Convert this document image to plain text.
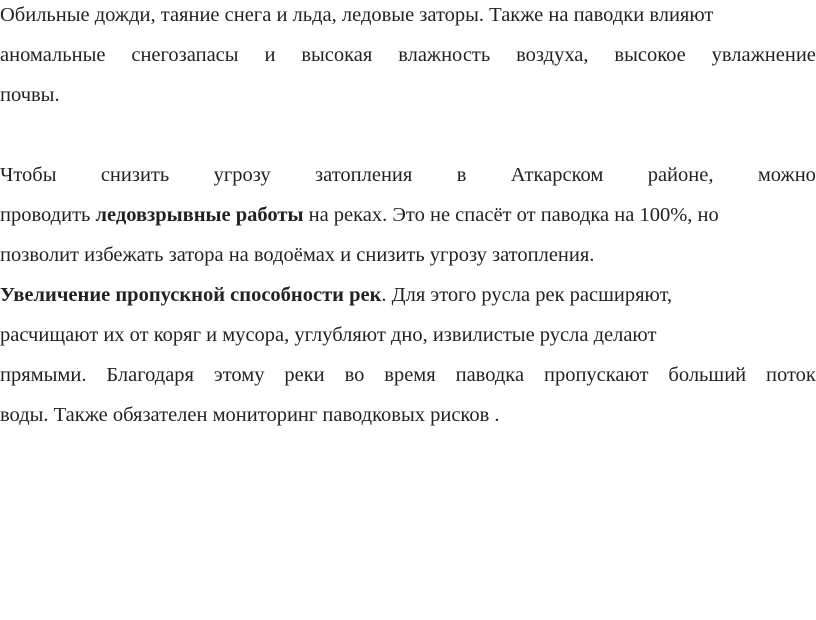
Обильные дожди, таяние снега и льда, ледовые заторы. Также на паводки влияют
аномальные снегозапасы и высокая влажность воздуха, высокое увлажнение
почвы.
Чтобы снизить угрозу затопления в Аткарском районе, можно
проводить ледовзрывные работы на реках. Это не спасёт от паводка на 100%, но
позволит избежать затора на водоёмах и снизить угрозу затопления.
Увеличение пропускной способности рек. Для этого русла рек расширяют,
расчищают их от коряг и мусора, углубляют дно, извилистые русла делают
прямыми. Благодаря этому реки во время паводка пропускают больший поток
воды. Также обязателен мониторинг паводковых рисков .
